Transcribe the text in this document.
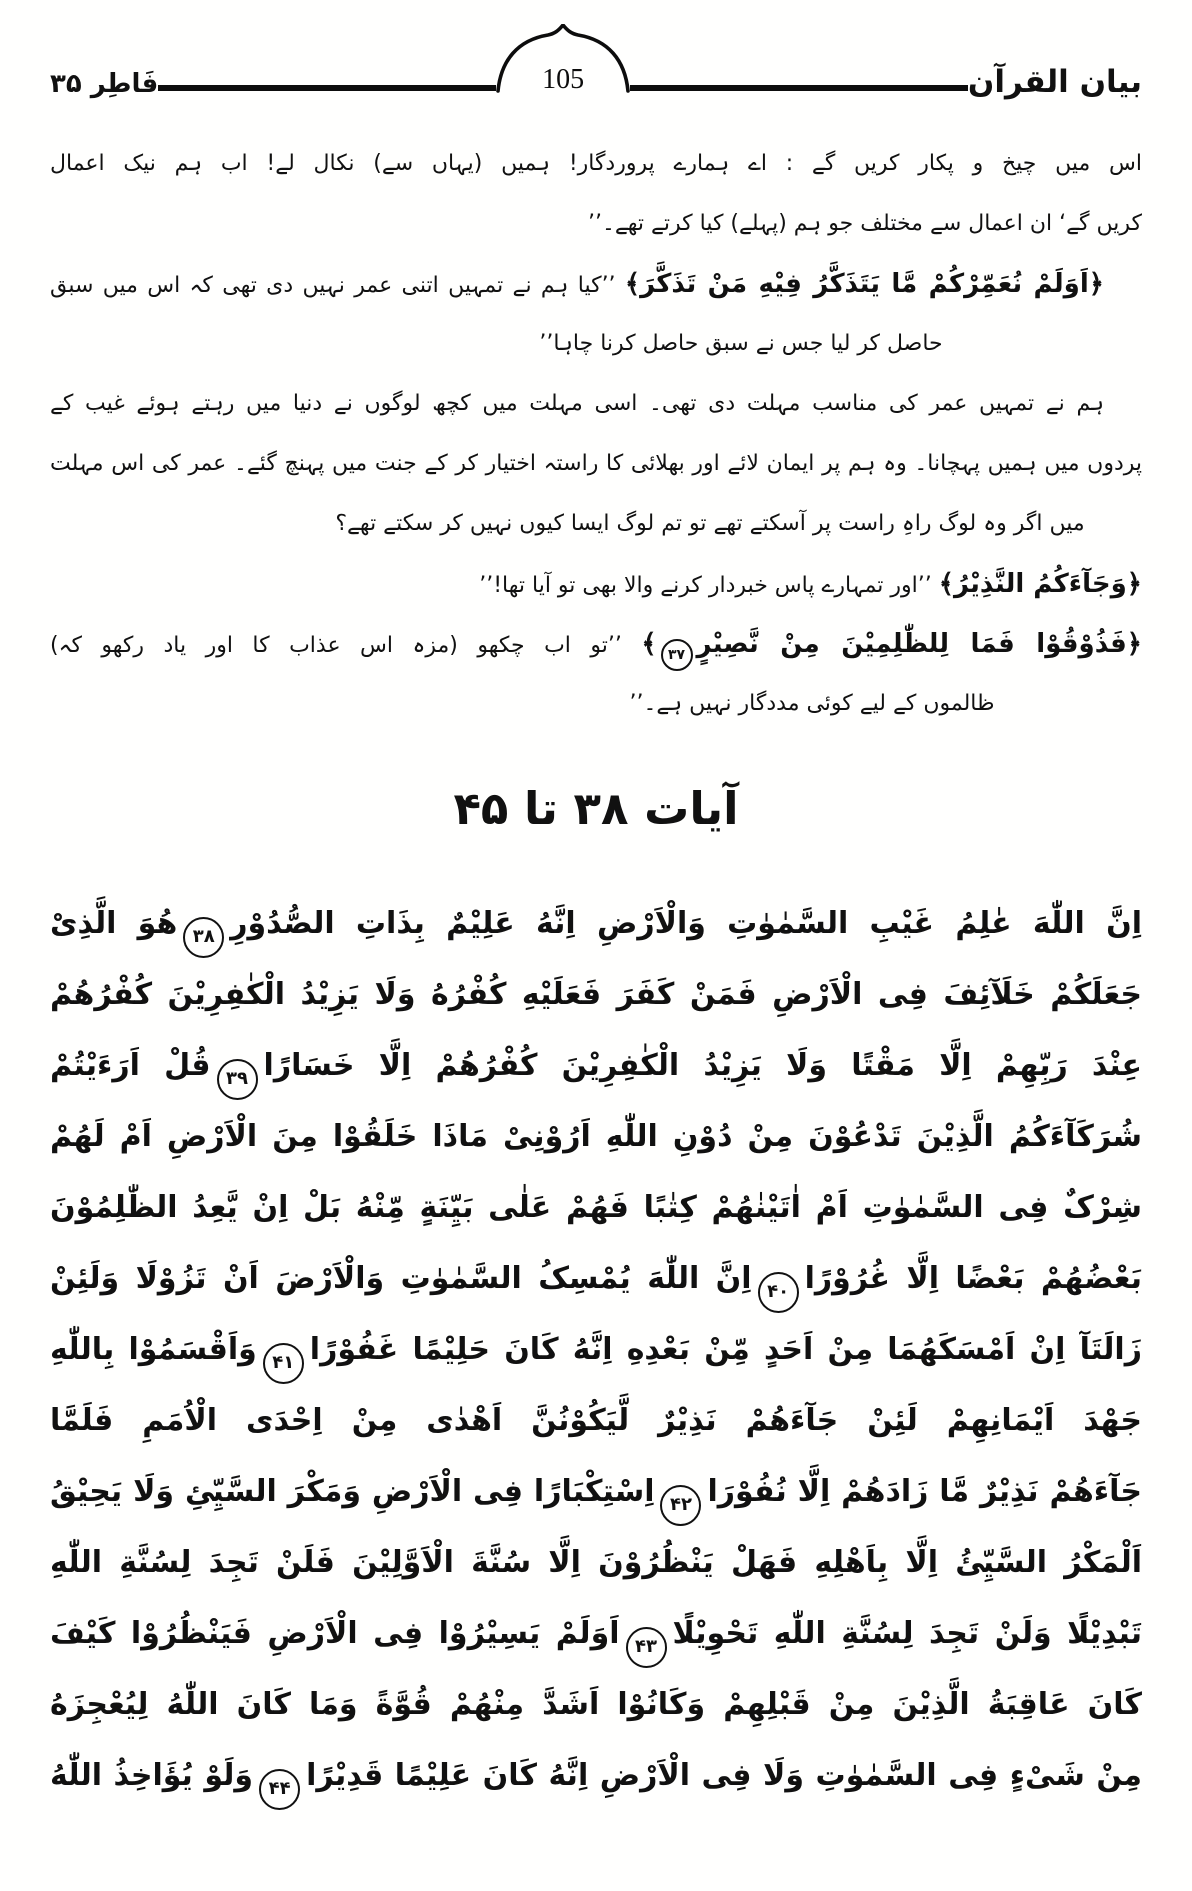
بیان القرآن
105
فَاطِر ۳۵
اس میں چیخ و پکار کریں گے : اے ہمارے پروردگار! ہمیں (یہاں سے) نکال لے! اب ہم نیک اعمال
کریں گے‘ ان اعمال سے مختلف جو ہم (پہلے) کیا کرتے تھے۔’’
﴿اَوَلَمْ نُعَمِّرْکُمْ مَّا یَتَذَکَّرُ فِیْهِ مَنْ تَذَکَّرَ﴾ ’’کیا ہم نے تمہیں اتنی عمر نہیں دی تھی کہ اس میں سبق
حاصل کر لیا جس نے سبق حاصل کرنا چاہا’’
ہم نے تمہیں عمر کی مناسب مہلت دی تھی۔ اسی مہلت میں کچھ لوگوں نے دنیا میں رہتے ہوئے غیب کے
پردوں میں ہمیں پہچانا۔ وہ ہم پر ایمان لائے اور بھلائی کا راستہ اختیار کر کے جنت میں پہنچ گئے۔ عمر کی اس مہلت
میں اگر وہ لوگ راہِ راست پر آسکتے تھے تو تم لوگ ایسا کیوں نہیں کر سکتے تھے؟
﴿وَجَآءَکُمُ النَّذِیْرُ﴾ ’’اور تمہارے پاس خبردار کرنے والا بھی تو آیا تھا!’’
﴿فَذُوْقُوْا فَمَا لِلظّٰلِمِیْنَ مِنْ نَّصِیْرٍ۳۷﴾ ’’تو اب چکھو (مزہ اس عذاب کا اور یاد رکھو کہ)
ظالموں کے لیے کوئی مددگار نہیں ہے۔’’
آیات ۳۸ تا ۴۵
اِنَّ اللّٰهَ عٰلِمُ غَیْبِ السَّمٰوٰتِ وَالْاَرْضِ اِنَّهُ عَلِیْمٌ بِذَاتِ الصُّدُوْرِ۳۸هُوَ الَّذِیْ
جَعَلَکُمْ خَلَآئِفَ فِی الْاَرْضِ فَمَنْ کَفَرَ فَعَلَیْهِ کُفْرُهُ وَلَا یَزِیْدُ الْکٰفِرِیْنَ کُفْرُهُمْ
عِنْدَ رَبِّهِمْ اِلَّا مَقْتًا وَلَا یَزِیْدُ الْکٰفِرِیْنَ کُفْرُهُمْ اِلَّا خَسَارًا۳۹قُلْ اَرَءَیْتُمْ
شُرَکَآءَکُمُ الَّذِیْنَ تَدْعُوْنَ مِنْ دُوْنِ اللّٰهِ اَرُوْنِیْ مَاذَا خَلَقُوْا مِنَ الْاَرْضِ اَمْ لَهُمْ
شِرْکٌ فِی السَّمٰوٰتِ اَمْ اٰتَیْنٰهُمْ کِتٰبًا فَهُمْ عَلٰی بَیِّنَةٍ مِّنْهُ بَلْ اِنْ یَّعِدُ الظّٰلِمُوْنَ
بَعْضُهُمْ بَعْضًا اِلَّا غُرُوْرًا۴۰اِنَّ اللّٰهَ یُمْسِکُ السَّمٰوٰتِ وَالْاَرْضَ اَنْ تَزُوْلَا وَلَئِنْ
زَالَتَآ اِنْ اَمْسَکَهُمَا مِنْ اَحَدٍ مِّنْ بَعْدِهِ اِنَّهُ کَانَ حَلِیْمًا غَفُوْرًا۴۱وَاَقْسَمُوْا بِاللّٰهِ
جَهْدَ اَیْمَانِهِمْ لَئِنْ جَآءَهُمْ نَذِیْرٌ لَّیَکُوْنُنَّ اَهْدٰی مِنْ اِحْدَی الْاُمَمِ فَلَمَّا
جَآءَهُمْ نَذِیْرٌ مَّا زَادَهُمْ اِلَّا نُفُوْرَا۴۲اِسْتِکْبَارًا فِی الْاَرْضِ وَمَکْرَ السَّیِّئِ وَلَا یَحِیْقُ
اَلْمَکْرُ السَّیِّئُ اِلَّا بِاَهْلِهِ فَهَلْ یَنْظُرُوْنَ اِلَّا سُنَّةَ الْاَوَّلِیْنَ فَلَنْ تَجِدَ لِسُنَّةِ اللّٰهِ
تَبْدِیْلًا وَلَنْ تَجِدَ لِسُنَّةِ اللّٰهِ تَحْوِیْلًا۴۳اَوَلَمْ یَسِیْرُوْا فِی الْاَرْضِ فَیَنْظُرُوْا کَیْفَ
کَانَ عَاقِبَةُ الَّذِیْنَ مِنْ قَبْلِهِمْ وَکَانُوْا اَشَدَّ مِنْهُمْ قُوَّةً وَمَا کَانَ اللّٰهُ لِیُعْجِزَهُ
مِنْ شَیْءٍ فِی السَّمٰوٰتِ وَلَا فِی الْاَرْضِ اِنَّهُ کَانَ عَلِیْمًا قَدِیْرًا۴۴وَلَوْ یُؤَاخِذُ اللّٰهُ
